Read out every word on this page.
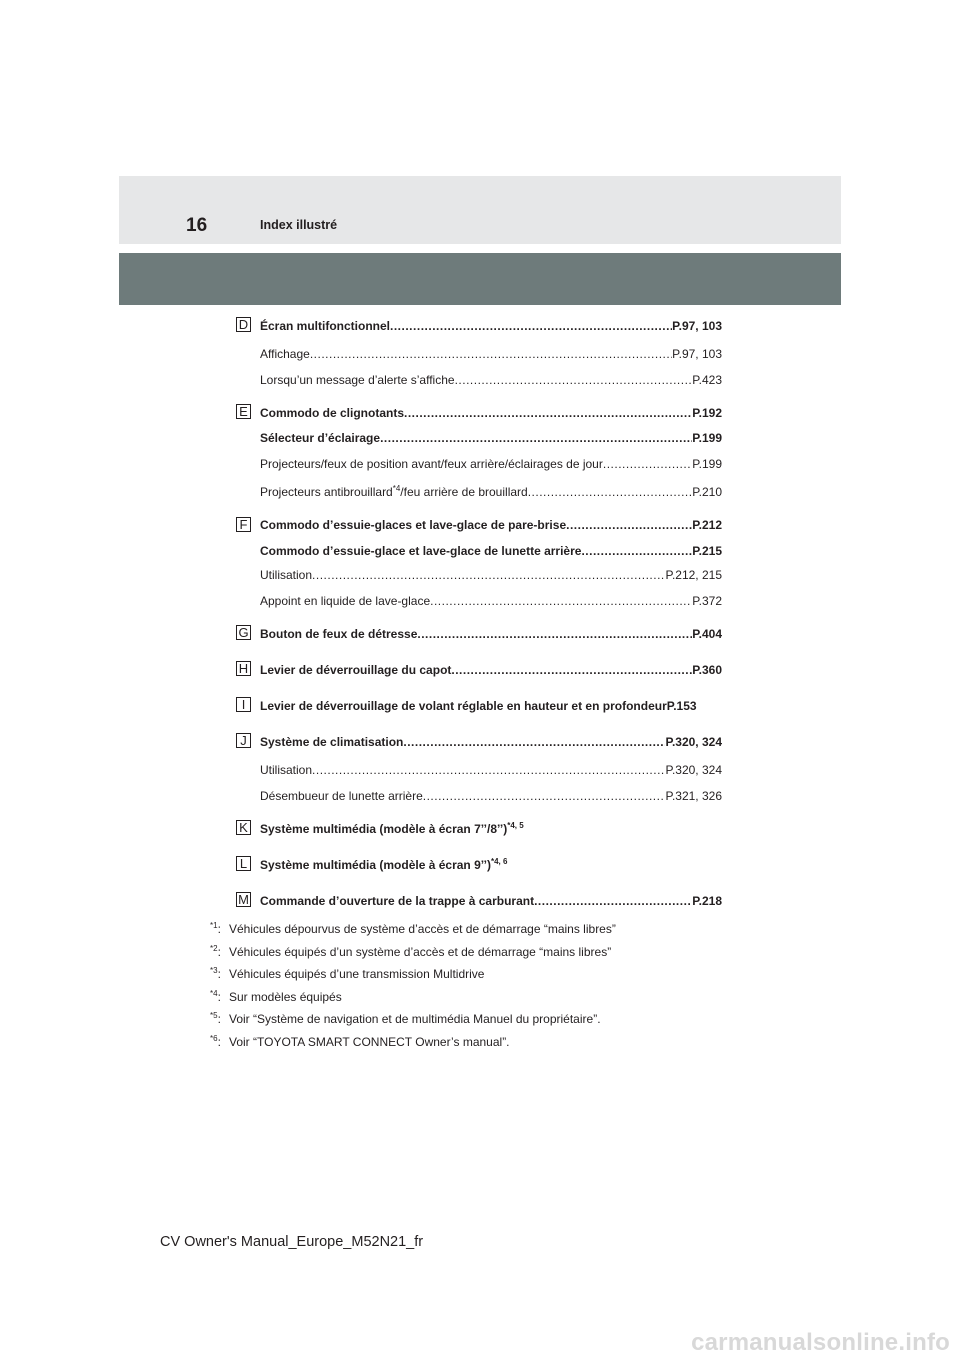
16	Index illustré
D Écran multifonctionnel .....	P.97, 103
Affichage .....	P.97, 103
Lorsqu’un message d’alerte s’affiche .....	P.423
E Commodo de clignotants .....	P.192
Sélecteur d’éclairage .....	P.199
Projecteurs/feux de position avant/feux arrière/éclairages de jour .....	P.199
Projecteurs antibrouillard$^{*4}$/feu arrière de brouillard .....	P.210
F Commodo d’essuie-glaces et lave-glace de pare-brise .....	P.212
Commodo d’essuie-glace et lave-glace de lunette arrière .....	P.215
Utilisation .....	P.212, 215
Appoint en liquide de lave-glace .....	P.372
G Bouton de feux de détresse .....	P.404
H Levier de déverrouillage du capot .....	P.360
I	Levier de déverrouillage de volant réglable en hauteur et en profondeur P.153
J	Système de climatisation .....	P.320, 324
Utilisation .....	P.320, 324
Désembueur de lunette arrière .....	P.321, 326
K Système multimédia (modèle à écran 7’’/8’’)$^{*4, 5}$
L	Système multimédia (modèle à écran 9’’)$^{*4, 6}$
M Commande d’ouverture de la trappe à carburant .....	P.218
$^{*1}$: Véhicules dépourvus de système d’accès et de démarrage “mains libres”
$^{*2}$: Véhicules équipés d’un système d’accès et de démarrage “mains libres”
$^{*3}$: Véhicules équipés d’une transmission Multidrive
$^{*4}$: Sur modèles équipés
$^{*5}$: Voir “Système de navigation et de multimédia Manuel du propriétaire”.
$^{*6}$: Voir “TOYOTA SMART CONNECT Owner’s manual”.
CV Owner's Manual_Europe_M52N21_fr
carmanualsonline.info
